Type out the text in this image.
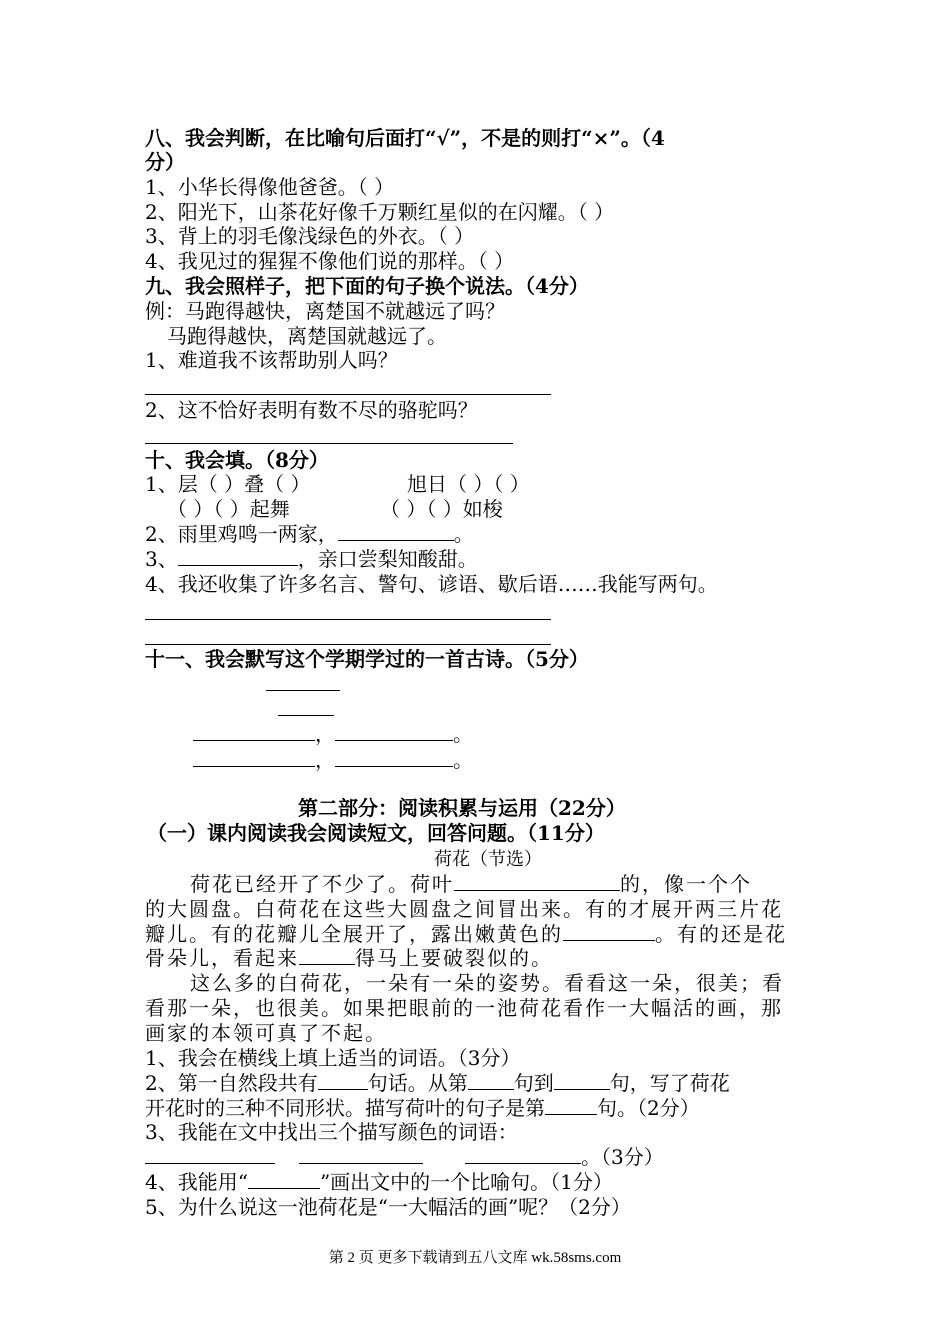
八、我会判断，在比喻句后面打“√”，不是的则打“×”。（4
分）
1、小华长得像他爸爸。（ ）
2、阳光下，山茶花好像千万颗红星似的在闪耀。（ ）
3、背上的羽毛像浅绿色的外衣。（ ）
4、我见过的猩猩不像他们说的那样。（ ）
九、我会照样子，把下面的句子换个说法。（4分）
例：马跑得越快，离楚国不就越远了吗？
马跑得越快，离楚国就越远了。
1、难道我不该帮助别人吗？
2、这不恰好表明有数不尽的骆驼吗？
十、我会填。（8分）
1、层（ ）叠（ ）	旭日（ ）（ ）
（ ）（ ）起舞	（ ）（ ）如梭
2、雨里鸡鸣一两家，	。
3、	，亲口尝梨知酸甜。
4、我还收集了许多名言、警句、谚语、歇后语……我能写两句。
十一、我会默写这个学期学过的一首古诗。（5分）
，	。
，	。
第二部分：阅读积累与运用（22分）
（一）课内阅读我会阅读短文，回答问题。（11分）
荷花（节选）
荷花已经开了不少了。荷叶	的，像一个个
的大圆盘。白荷花在这些大圆盘之间冒出来。有的才展开两三片花
瓣儿。有的花瓣儿全展开了，露出嫩黄色的	。有的还是花
骨朵儿，看起来	得马上要破裂似的。
这么多的白荷花，一朵有一朵的姿势。看看这一朵，很美；看
看那一朵，也很美。如果把眼前的一池荷花看作一大幅活的画，那
画家的本领可真了不起。
1、我会在横线上填上适当的词语。（3分）
2、第一自然段共有	句话。从第 句到	句，写了荷花
开花时的三种不同形状。描写荷叶的句子是第	句。（2分）
3、我能在文中找出三个描写颜色的词语：
。（3分）
4、我能用“	”画出文中的一个比喻句。（1分）
5、为什么说这一池荷花是“一大幅活的画”呢？（2分）
第 2 页 更多下载请到五八文库 wk.58sms.com
